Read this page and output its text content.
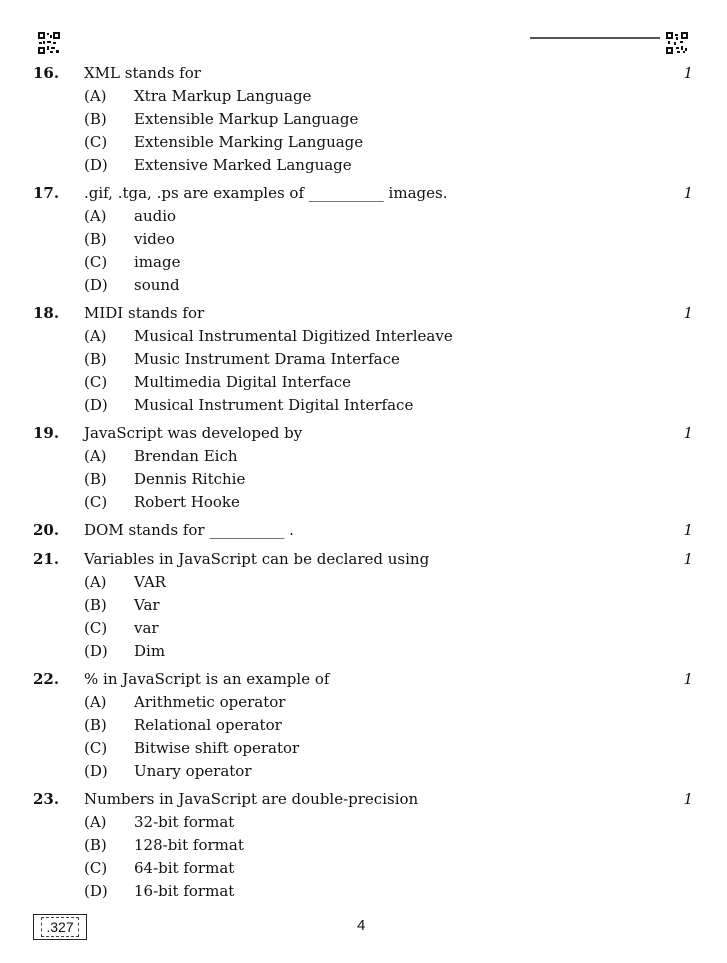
16.	XML stands for	1
(A)	Xtra Markup Language
(B)	Extensible Markup Language
(C)	Extensible Marking Language
(D)	Extensive Marked Language
17.	.gif, .tga, .ps are examples of __________ images.	1
(A)	audio
(B)	video
(C)	image
(D)	sound
18.	MIDI stands for	1
(A)	Musical Instrumental Digitized Interleave
(B)	Music Instrument Drama Interface
(C)	Multimedia Digital Interface
(D)	Musical Instrument Digital Interface
19.	JavaScript was developed by	1
(A)	Brendan Eich
(B)	Dennis Ritchie
(C)	Robert Hooke
20.	DOM stands for __________ .	1
21.	Variables in JavaScript can be declared using	1
(A)	VAR
(B)	Var
(C)	var
(D)	Dim
22.	% in JavaScript is an example of	1
(A)	Arithmetic operator
(B)	Relational operator
(C)	Bitwise shift operator
(D)	Unary operator
23.	Numbers in JavaScript are double-precision	1
(A)	32-bit format
(B)	128-bit format
(C)	64-bit format
(D)	16-bit format
.327	4
